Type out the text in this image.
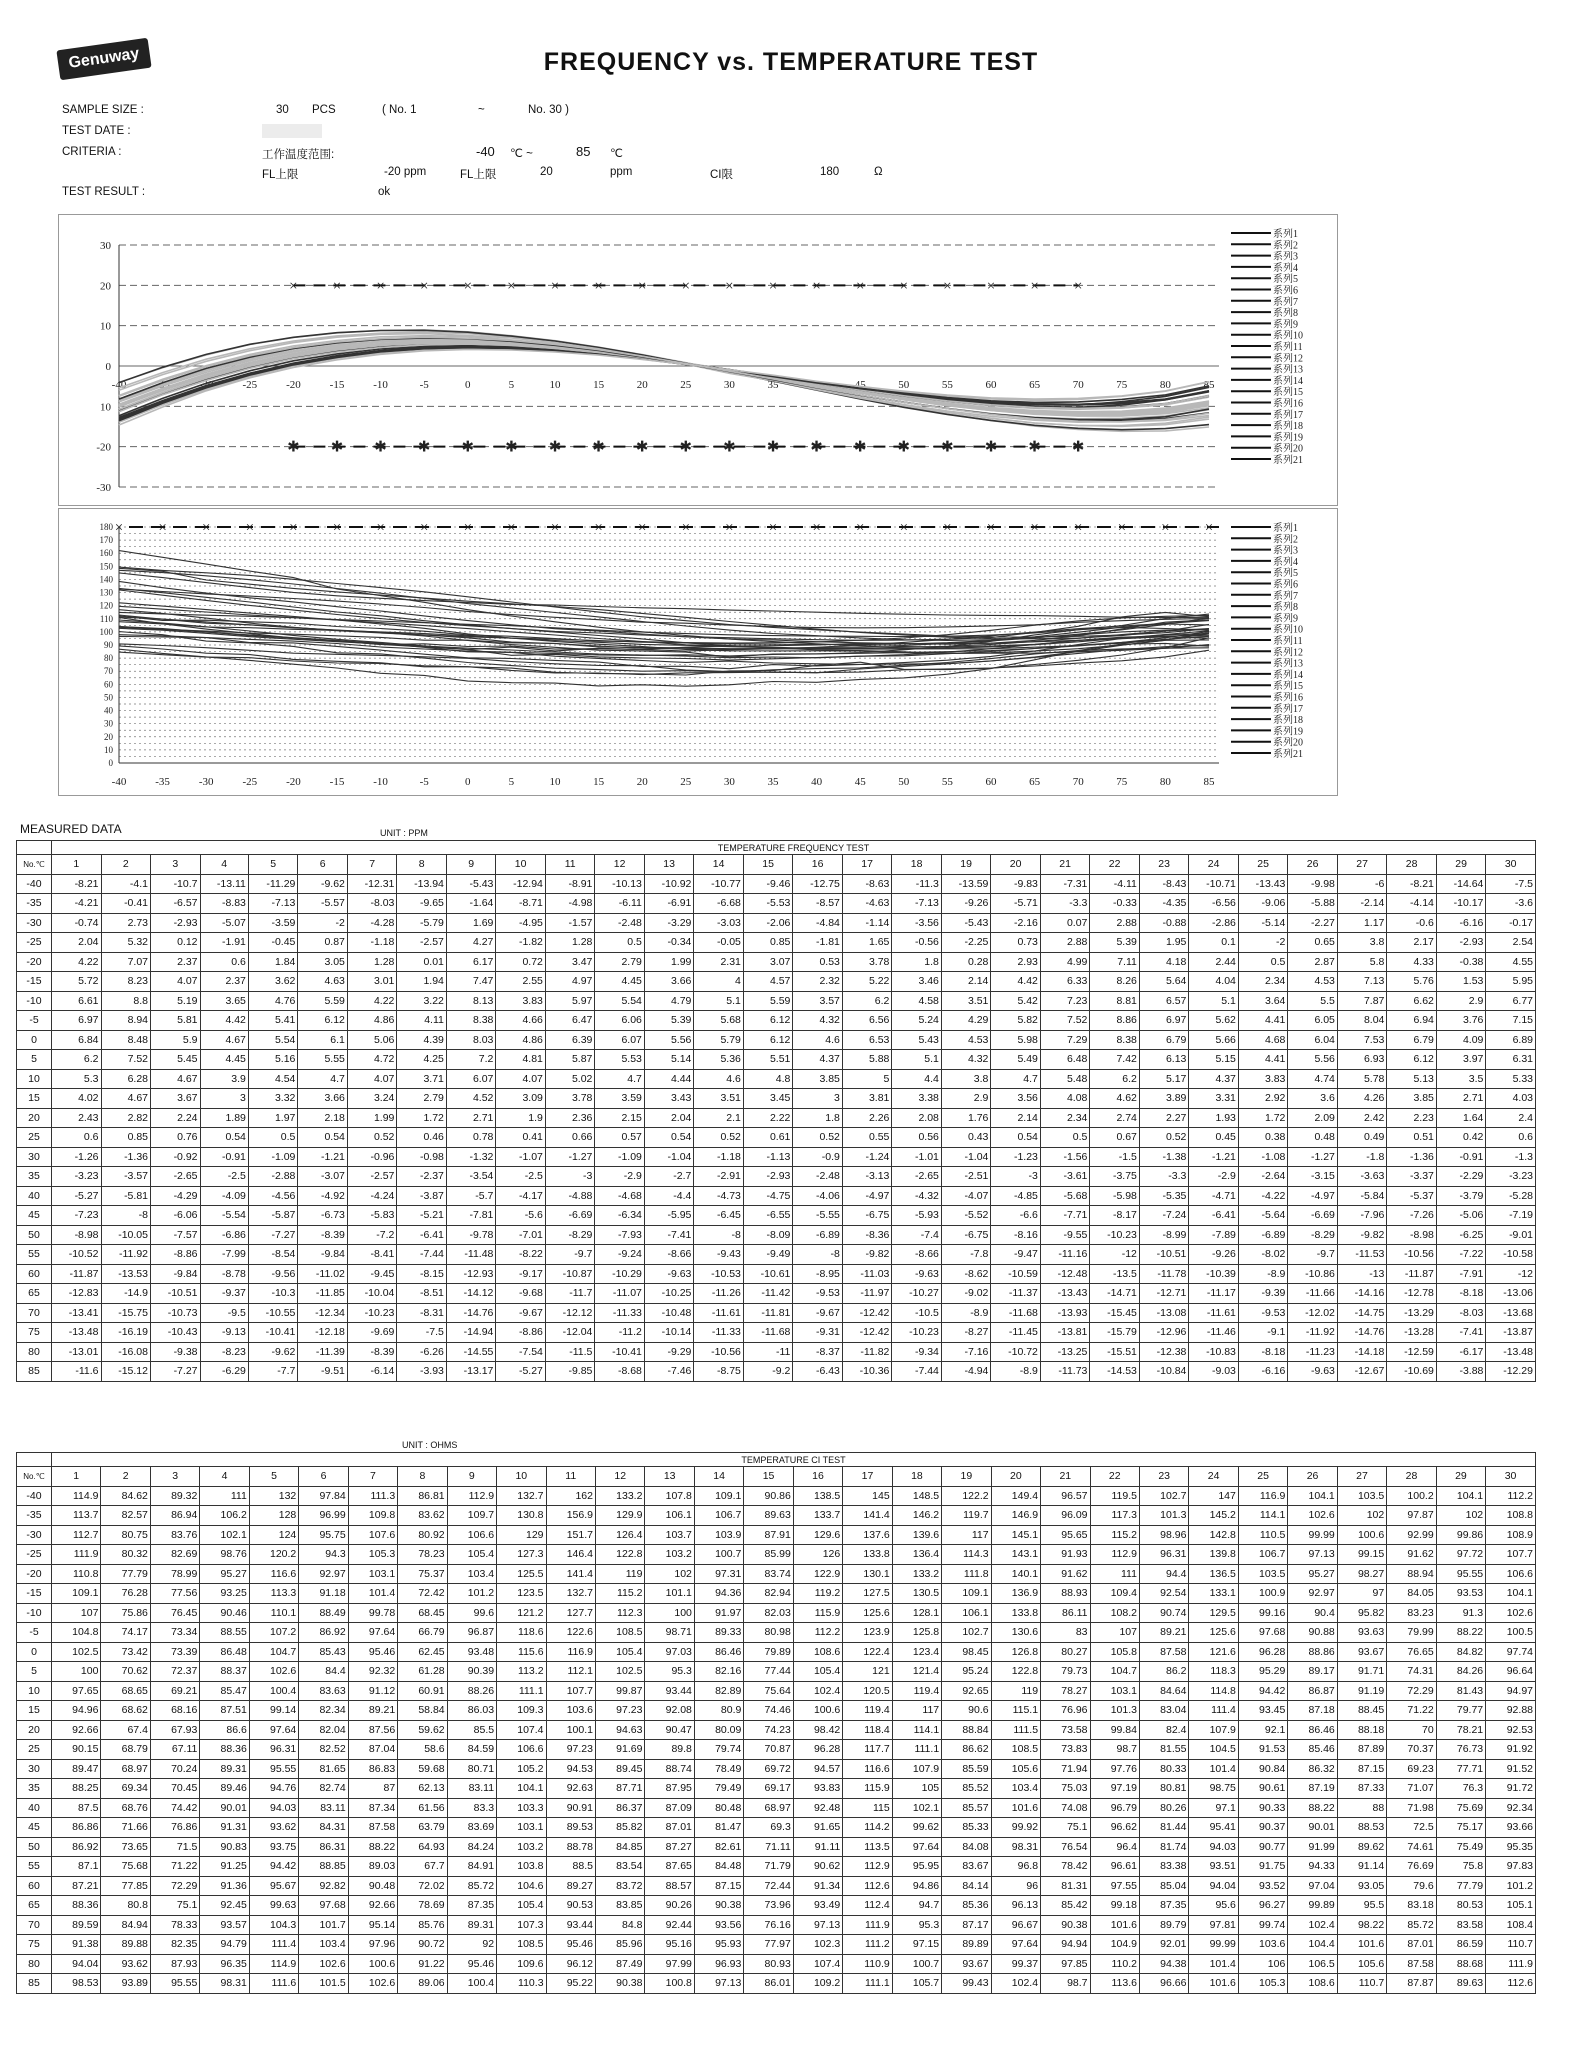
Genuway	FREQUENCY vs. TEMPERATURE TEST
SAMPLE SIZE :	30 PCS	( No. 1	~	No. 30 )
TEST DATE :
CRITERIA :	工作温度范围:	-40 ℃ ~	85 ℃
FL上限	-20 ppm	FL上限	20	ppm	CI限	180	Ω
TEST RESULT :	ok
30
20
10
0
10
-20
-30
-40	-35	-30	-25	-20	-15	-10	-5	0	5	10	15	20	25	30	35	40	45	50	55	60	65	70	75	80	85
× × × × × × × × × × × × × × × × × × ×
✱ ✱ ✱ ✱ ✱ ✱ ✱ ✱ ✱ ✱ ✱ ✱ ✱ ✱ ✱ ✱ ✱ ✱ ✱
系列1
系列2
系列3
系列4
系列5
系列6
系列7
系列8
系列9
系列10
系列11
系列12
系列13
系列14
系列15
系列16
系列17
系列18
系列19
系列20
系列21
180
170
160
150
140
130
120
110
100
90
80
70
60
50
40
30
20
10
0
-40	-35	-30	-25	-20	-15	-10	-5	0	5	10	15	20	25	30	35	40	45	50	55	60	65	70	75	80	85
× × × × × × × × × × × × × × × × × × × × × × × × × ×	系列1
系列2
系列3
系列4
系列5
系列6
系列7
系列8
系列9
系列10
系列11
系列12
系列13
系列14
系列15
系列16
系列17
系列18
系列19
系列20
系列21
MEASURED DATA	UNIT : PPM
	TEMPERATURE FREQUENCY TEST																													
No.℃	1	2	3	4	5	6	7	8	9	10	11	12	13	14	15	16	17	18	19	20	21	22	23	24	25	26	27	28	29	30
-40	-8.21	-4.1	-10.7	-13.11	-11.29	-9.62	-12.31	-13.94	-5.43	-12.94	-8.91	-10.13	-10.92	-10.77	-9.46	-12.75	-8.63	-11.3	-13.59	-9.83	-7.31	-4.11	-8.43	-10.71	-13.43	-9.98	-6	-8.21	-14.64	-7.5
-35	-4.21	-0.41	-6.57	-8.83	-7.13	-5.57	-8.03	-9.65	-1.64	-8.71	-4.98	-6.11	-6.91	-6.68	-5.53	-8.57	-4.63	-7.13	-9.26	-5.71	-3.3	-0.33	-4.35	-6.56	-9.06	-5.88	-2.14	-4.14	-10.17	-3.6
-30	-0.74	2.73	-2.93	-5.07	-3.59	-2	-4.28	-5.79	1.69	-4.95	-1.57	-2.48	-3.29	-3.03	-2.06	-4.84	-1.14	-3.56	-5.43	-2.16	0.07	2.88	-0.88	-2.86	-5.14	-2.27	1.17	-0.6	-6.16	-0.17
-25	2.04	5.32	0.12	-1.91	-0.45	0.87	-1.18	-2.57	4.27	-1.82	1.28	0.5	-0.34	-0.05	0.85	-1.81	1.65	-0.56	-2.25	0.73	2.88	5.39	1.95	0.1	-2	0.65	3.8	2.17	-2.93	2.54
-20	4.22	7.07	2.37	0.6	1.84	3.05	1.28	0.01	6.17	0.72	3.47	2.79	1.99	2.31	3.07	0.53	3.78	1.8	0.28	2.93	4.99	7.11	4.18	2.44	0.5	2.87	5.8	4.33	-0.38	4.55
-15	5.72	8.23	4.07	2.37	3.62	4.63	3.01	1.94	7.47	2.55	4.97	4.45	3.66	4	4.57	2.32	5.22	3.46	2.14	4.42	6.33	8.26	5.64	4.04	2.34	4.53	7.13	5.76	1.53	5.95
-10	6.61	8.8	5.19	3.65	4.76	5.59	4.22	3.22	8.13	3.83	5.97	5.54	4.79	5.1	5.59	3.57	6.2	4.58	3.51	5.42	7.23	8.81	6.57	5.1	3.64	5.5	7.87	6.62	2.9	6.77
-5	6.97	8.94	5.81	4.42	5.41	6.12	4.86	4.11	8.38	4.66	6.47	6.06	5.39	5.68	6.12	4.32	6.56	5.24	4.29	5.82	7.52	8.86	6.97	5.62	4.41	6.05	8.04	6.94	3.76	7.15
0	6.84	8.48	5.9	4.67	5.54	6.1	5.06	4.39	8.03	4.86	6.39	6.07	5.56	5.79	6.12	4.6	6.53	5.43	4.53	5.98	7.29	8.38	6.79	5.66	4.68	6.04	7.53	6.79	4.09	6.89
5	6.2	7.52	5.45	4.45	5.16	5.55	4.72	4.25	7.2	4.81	5.87	5.53	5.14	5.36	5.51	4.37	5.88	5.1	4.32	5.49	6.48	7.42	6.13	5.15	4.41	5.56	6.93	6.12	3.97	6.31
10	5.3	6.28	4.67	3.9	4.54	4.7	4.07	3.71	6.07	4.07	5.02	4.7	4.44	4.6	4.8	3.85	5	4.4	3.8	4.7	5.48	6.2	5.17	4.37	3.83	4.74	5.78	5.13	3.5	5.33
15	4.02	4.67	3.67	3	3.32	3.66	3.24	2.79	4.52	3.09	3.78	3.59	3.43	3.51	3.45	3	3.81	3.38	2.9	3.56	4.08	4.62	3.89	3.31	2.92	3.6	4.26	3.85	2.71	4.03
20	2.43	2.82	2.24	1.89	1.97	2.18	1.99	1.72	2.71	1.9	2.36	2.15	2.04	2.1	2.22	1.8	2.26	2.08	1.76	2.14	2.34	2.74	2.27	1.93	1.72	2.09	2.42	2.23	1.64	2.4
25	0.6	0.85	0.76	0.54	0.5	0.54	0.52	0.46	0.78	0.41	0.66	0.57	0.54	0.52	0.61	0.52	0.55	0.56	0.43	0.54	0.5	0.67	0.52	0.45	0.38	0.48	0.49	0.51	0.42	0.6
30	-1.26	-1.36	-0.92	-0.91	-1.09	-1.21	-0.96	-0.98	-1.32	-1.07	-1.27	-1.09	-1.04	-1.18	-1.13	-0.9	-1.24	-1.01	-1.04	-1.23	-1.56	-1.5	-1.38	-1.21	-1.08	-1.27	-1.8	-1.36	-0.91	-1.3
35	-3.23	-3.57	-2.65	-2.5	-2.88	-3.07	-2.57	-2.37	-3.54	-2.5	-3	-2.9	-2.7	-2.91	-2.93	-2.48	-3.13	-2.65	-2.51	-3	-3.61	-3.75	-3.3	-2.9	-2.64	-3.15	-3.63	-3.37	-2.29	-3.23
40	-5.27	-5.81	-4.29	-4.09	-4.56	-4.92	-4.24	-3.87	-5.7	-4.17	-4.88	-4.68	-4.4	-4.73	-4.75	-4.06	-4.97	-4.32	-4.07	-4.85	-5.68	-5.98	-5.35	-4.71	-4.22	-4.97	-5.84	-5.37	-3.79	-5.28
45	-7.23	-8	-6.06	-5.54	-5.87	-6.73	-5.83	-5.21	-7.81	-5.6	-6.69	-6.34	-5.95	-6.45	-6.55	-5.55	-6.75	-5.93	-5.52	-6.6	-7.71	-8.17	-7.24	-6.41	-5.64	-6.69	-7.96	-7.26	-5.06	-7.19
50	-8.98	-10.05	-7.57	-6.86	-7.27	-8.39	-7.2	-6.41	-9.78	-7.01	-8.29	-7.93	-7.41	-8	-8.09	-6.89	-8.36	-7.4	-6.75	-8.16	-9.55	-10.23	-8.99	-7.89	-6.89	-8.29	-9.82	-8.98	-6.25	-9.01
55	-10.52	-11.92	-8.86	-7.99	-8.54	-9.84	-8.41	-7.44	-11.48	-8.22	-9.7	-9.24	-8.66	-9.43	-9.49	-8	-9.82	-8.66	-7.8	-9.47	-11.16	-12	-10.51	-9.26	-8.02	-9.7	-11.53	-10.56	-7.22	-10.58
60	-11.87	-13.53	-9.84	-8.78	-9.56	-11.02	-9.45	-8.15	-12.93	-9.17	-10.87	-10.29	-9.63	-10.53	-10.61	-8.95	-11.03	-9.63	-8.62	-10.59	-12.48	-13.5	-11.78	-10.39	-8.9	-10.86	-13	-11.87	-7.91	-12
65	-12.83	-14.9	-10.51	-9.37	-10.3	-11.85	-10.04	-8.51	-14.12	-9.68	-11.7	-11.07	-10.25	-11.26	-11.42	-9.53	-11.97	-10.27	-9.02	-11.37	-13.43	-14.71	-12.71	-11.17	-9.39	-11.66	-14.16	-12.78	-8.18	-13.06
70	-13.41	-15.75	-10.73	-9.5	-10.55	-12.34	-10.23	-8.31	-14.76	-9.67	-12.12	-11.33	-10.48	-11.61	-11.81	-9.67	-12.42	-10.5	-8.9	-11.68	-13.93	-15.45	-13.08	-11.61	-9.53	-12.02	-14.75	-13.29	-8.03	-13.68
75	-13.48	-16.19	-10.43	-9.13	-10.41	-12.18	-9.69	-7.5	-14.94	-8.86	-12.04	-11.2	-10.14	-11.33	-11.68	-9.31	-12.42	-10.23	-8.27	-11.45	-13.81	-15.79	-12.96	-11.46	-9.1	-11.92	-14.76	-13.28	-7.41	-13.87
80	-13.01	-16.08	-9.38	-8.23	-9.62	-11.39	-8.39	-6.26	-14.55	-7.54	-11.5	-10.41	-9.29	-10.56	-11	-8.37	-11.82	-9.34	-7.16	-10.72	-13.25	-15.51	-12.38	-10.83	-8.18	-11.23	-14.18	-12.59	-6.17	-13.48
85	-11.6	-15.12	-7.27	-6.29	-7.7	-9.51	-6.14	-3.93	-13.17	-5.27	-9.85	-8.68	-7.46	-8.75	-9.2	-6.43	-10.36	-7.44	-4.94	-8.9	-11.73	-14.53	-10.84	-9.03	-6.16	-9.63	-12.67	-10.69	-3.88	-12.29
UNIT : OHMS
	TEMPERATURE CI TEST																													
No.℃	1	2	3	4	5	6	7	8	9	10	11	12	13	14	15	16	17	18	19	20	21	22	23	24	25	26	27	28	29	30
-40	114.9	84.62	89.32	111	132	97.84	111.3	86.81	112.9	132.7	162	133.2	107.8	109.1	90.86	138.5	145	148.5	122.2	149.4	96.57	119.5	102.7	147	116.9	104.1	103.5	100.2	104.1	112.2
-35	113.7	82.57	86.94	106.2	128	96.99	109.8	83.62	109.7	130.8	156.9	129.9	106.1	106.7	89.63	133.7	141.4	146.2	119.7	146.9	96.09	117.3	101.3	145.2	114.1	102.6	102	97.87	102	108.8
-30	112.7	80.75	83.76	102.1	124	95.75	107.6	80.92	106.6	129	151.7	126.4	103.7	103.9	87.91	129.6	137.6	139.6	117	145.1	95.65	115.2	98.96	142.8	110.5	99.99	100.6	92.99	99.86	108.9
-25	111.9	80.32	82.69	98.76	120.2	94.3	105.3	78.23	105.4	127.3	146.4	122.8	103.2	100.7	85.99	126	133.8	136.4	114.3	143.1	91.93	112.9	96.31	139.8	106.7	97.13	99.15	91.62	97.72	107.7
-20	110.8	77.79	78.99	95.27	116.6	92.97	103.1	75.37	103.4	125.5	141.4	119	102	97.31	83.74	122.9	130.1	133.2	111.8	140.1	91.62	111	94.4	136.5	103.5	95.27	98.27	88.94	95.55	106.6
-15	109.1	76.28	77.56	93.25	113.3	91.18	101.4	72.42	101.2	123.5	132.7	115.2	101.1	94.36	82.94	119.2	127.5	130.5	109.1	136.9	88.93	109.4	92.54	133.1	100.9	92.97	97	84.05	93.53	104.1
-10	107	75.86	76.45	90.46	110.1	88.49	99.78	68.45	99.6	121.2	127.7	112.3	100	91.97	82.03	115.9	125.6	128.1	106.1	133.8	86.11	108.2	90.74	129.5	99.16	90.4	95.82	83.23	91.3	102.6
-5	104.8	74.17	73.34	88.55	107.2	86.92	97.64	66.79	96.87	118.6	122.6	108.5	98.71	89.33	80.98	112.2	123.9	125.8	102.7	130.6	83	107	89.21	125.6	97.68	90.88	93.63	79.99	88.22	100.5
0	102.5	73.42	73.39	86.48	104.7	85.43	95.46	62.45	93.48	115.6	116.9	105.4	97.03	86.46	79.89	108.6	122.4	123.4	98.45	126.8	80.27	105.8	87.58	121.6	96.28	88.86	93.67	76.65	84.82	97.74
5	100	70.62	72.37	88.37	102.6	84.4	92.32	61.28	90.39	113.2	112.1	102.5	95.3	82.16	77.44	105.4	121	121.4	95.24	122.8	79.73	104.7	86.2	118.3	95.29	89.17	91.71	74.31	84.26	96.64
10	97.65	68.65	69.21	85.47	100.4	83.63	91.12	60.91	88.26	111.1	107.7	99.87	93.44	82.89	75.64	102.4	120.5	119.4	92.65	119	78.27	103.1	84.64	114.8	94.42	86.87	91.19	72.29	81.43	94.97
15	94.96	68.62	68.16	87.51	99.14	82.34	89.21	58.84	86.03	109.3	103.6	97.23	92.08	80.9	74.46	100.6	119.4	117	90.6	115.1	76.96	101.3	83.04	111.4	93.45	87.18	88.45	71.22	79.77	92.88
20	92.66	67.4	67.93	86.6	97.64	82.04	87.56	59.62	85.5	107.4	100.1	94.63	90.47	80.09	74.23	98.42	118.4	114.1	88.84	111.5	73.58	99.84	82.4	107.9	92.1	86.46	88.18	70	78.21	92.53
25	90.15	68.79	67.11	88.36	96.31	82.52	87.04	58.6	84.59	106.6	97.23	91.69	89.8	79.74	70.87	96.28	117.7	111.1	86.62	108.5	73.83	98.7	81.55	104.5	91.53	85.46	87.89	70.37	76.73	91.92
30	89.47	68.97	70.24	89.31	95.55	81.65	86.83	59.68	80.71	105.2	94.53	89.45	88.74	78.49	69.72	94.57	116.6	107.9	85.59	105.6	71.94	97.76	80.33	101.4	90.84	86.32	87.15	69.23	77.71	91.52
35	88.25	69.34	70.45	89.46	94.76	82.74	87	62.13	83.11	104.1	92.63	87.71	87.95	79.49	69.17	93.83	115.9	105	85.52	103.4	75.03	97.19	80.81	98.75	90.61	87.19	87.33	71.07	76.3	91.72
40	87.5	68.76	74.42	90.01	94.03	83.11	87.34	61.56	83.3	103.3	90.91	86.37	87.09	80.48	68.97	92.48	115	102.1	85.57	101.6	74.08	96.79	80.26	97.1	90.33	88.22	88	71.98	75.69	92.34
45	86.86	71.66	76.86	91.31	93.62	84.31	87.58	63.79	83.69	103.1	89.53	85.82	87.01	81.47	69.3	91.65	114.2	99.62	85.33	99.92	75.1	96.62	81.44	95.41	90.37	90.01	88.53	72.5	75.17	93.66
50	86.92	73.65	71.5	90.83	93.75	86.31	88.22	64.93	84.24	103.2	88.78	84.85	87.27	82.61	71.11	91.11	113.5	97.64	84.08	98.31	76.54	96.4	81.74	94.03	90.77	91.99	89.62	74.61	75.49	95.35
55	87.1	75.68	71.22	91.25	94.42	88.85	89.03	67.7	84.91	103.8	88.5	83.54	87.65	84.48	71.79	90.62	112.9	95.95	83.67	96.8	78.42	96.61	83.38	93.51	91.75	94.33	91.14	76.69	75.8	97.83
60	87.21	77.85	72.29	91.36	95.67	92.82	90.48	72.02	85.72	104.6	89.27	83.72	88.57	87.15	72.44	91.34	112.6	94.86	84.14	96	81.31	97.55	85.04	94.04	93.52	97.04	93.05	79.6	77.79	101.2
65	88.36	80.8	75.1	92.45	99.63	97.68	92.66	78.69	87.35	105.4	90.53	83.85	90.26	90.38	73.96	93.49	112.4	94.7	85.36	96.13	85.42	99.18	87.35	95.6	96.27	99.89	95.5	83.18	80.53	105.1
70	89.59	84.94	78.33	93.57	104.3	101.7	95.14	85.76	89.31	107.3	93.44	84.8	92.44	93.56	76.16	97.13	111.9	95.3	87.17	96.67	90.38	101.6	89.79	97.81	99.74	102.4	98.22	85.72	83.58	108.4
75	91.38	89.88	82.35	94.79	111.4	103.4	97.96	90.72	92	108.5	95.46	85.96	95.16	95.93	77.97	102.3	111.2	97.15	89.89	97.64	94.94	104.9	92.01	99.99	103.6	104.4	101.6	87.01	86.59	110.7
80	94.04	93.62	87.93	96.35	114.9	102.6	100.6	91.22	95.46	109.6	96.12	87.49	97.99	96.93	80.93	107.4	110.9	100.7	93.67	99.37	97.85	110.2	94.38	101.4	106	106.5	105.6	87.58	88.68	111.9
85	98.53	93.89	95.55	98.31	111.6	101.5	102.6	89.06	100.4	110.3	95.22	90.38	100.8	97.13	86.01	109.2	111.1	105.7	99.43	102.4	98.7	113.6	96.66	101.6	105.3	108.6	110.7	87.87	89.63	112.6
